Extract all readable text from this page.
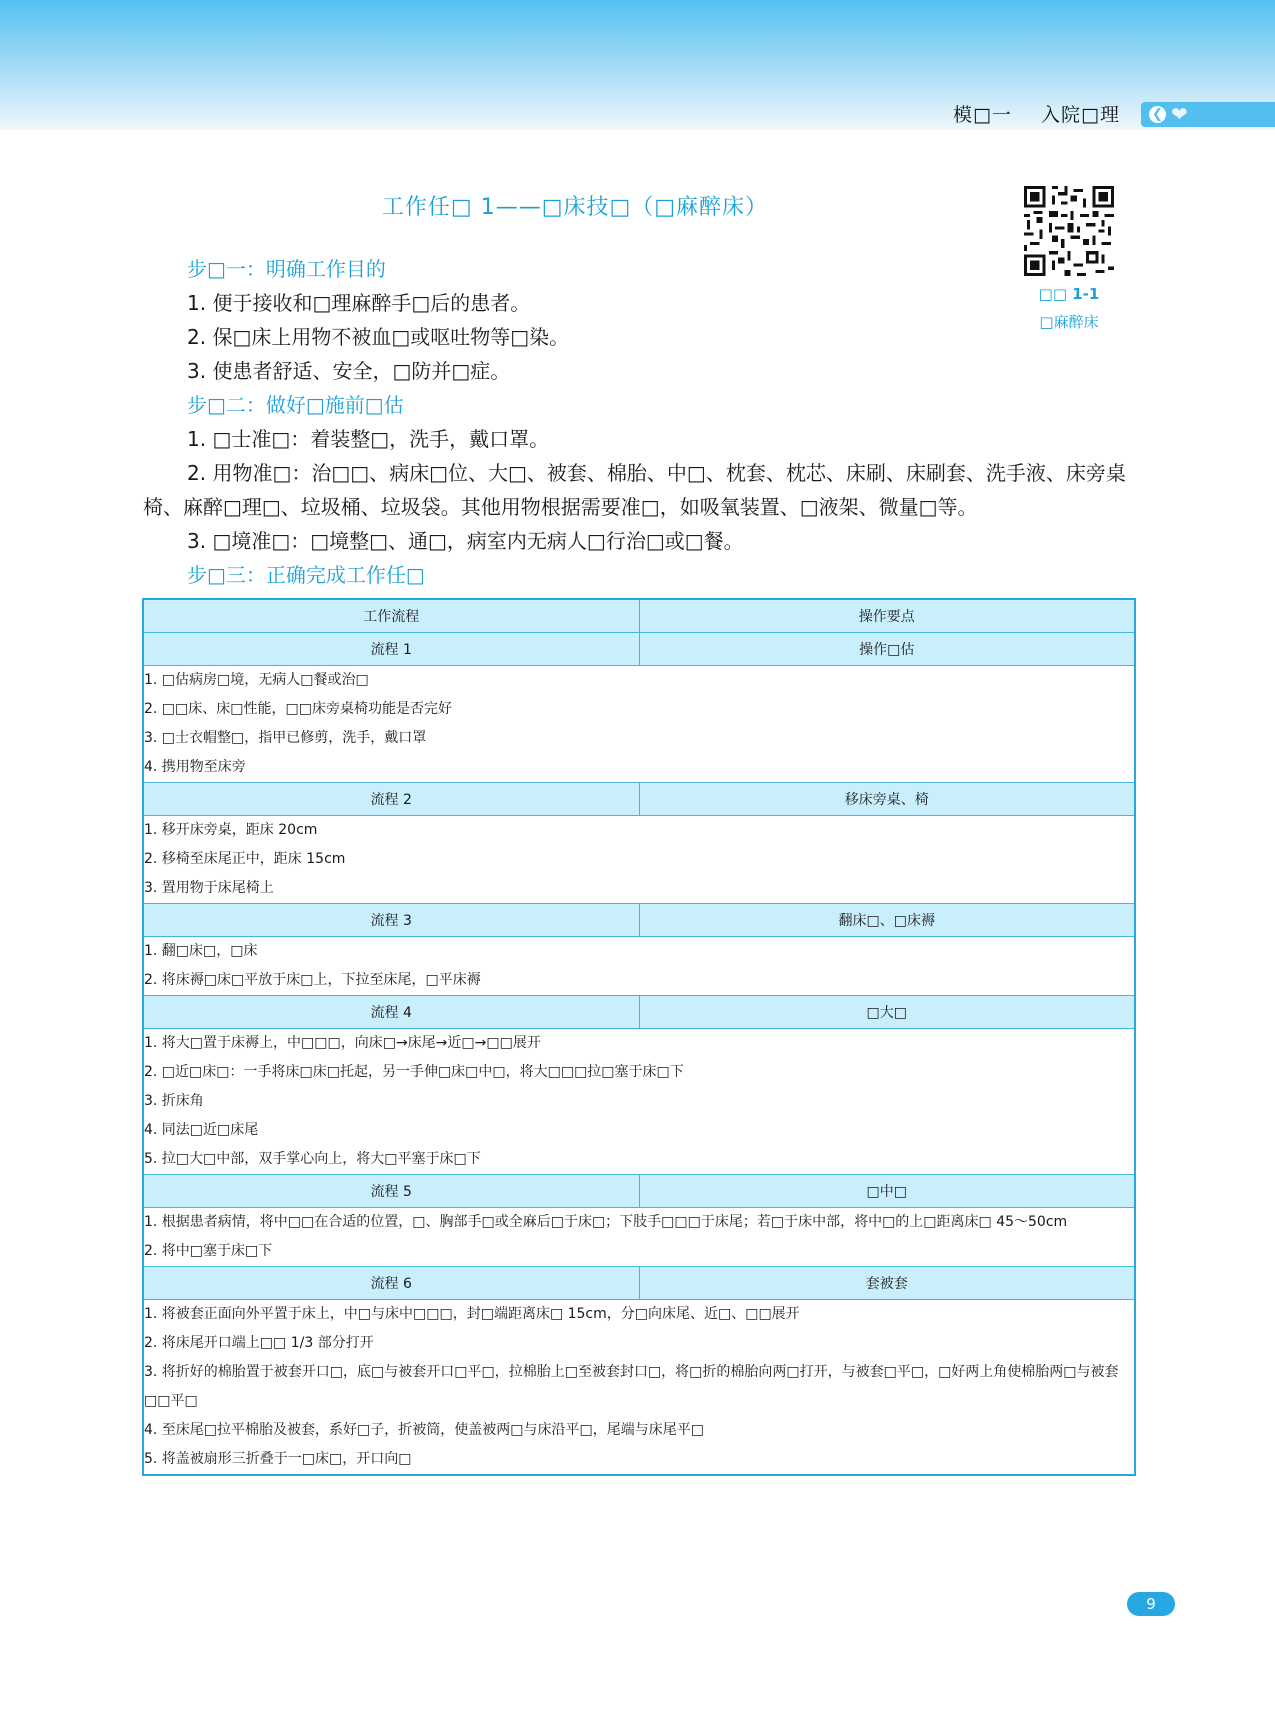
模□一 入院□理 ❮ ❤
工作任□ 1——□床技□（□麻醉床）
□□ 1-1
□麻醉床
步□一：明确工作目的
1. 便于接收和□理麻醉手□后的患者。
2. 保□床上用物不被血□或呕吐物等□染。
3. 使患者舒适、安全，□防并□症。
步□二：做好□施前□估
1. □士准□：着装整□，洗手，戴口罩。
2. 用物准□：治□□、病床□位、大□、被套、棉胎、中□、枕套、枕芯、床刷、床刷套、洗手液、床旁桌椅、麻醉□理□、垃圾桶、垃圾袋。其他用物根据需要准□，如吸氧装置、□液架、微量□等。
3. □境准□：□境整□、通□，病室内无病人□行治□或□餐。
步□三：正确完成工作任□
工作流程	操作要点
流程 1	操作□估

1. □估病房□境，无病人□餐或治□
2. □□床、床□性能，□□床旁桌椅功能是否完好
3. □士衣帽整□，指甲已修剪，洗手，戴口罩
4. 携用物至床旁	

流程 2	移床旁桌、椅

1. 移开床旁桌，距床 20cm
2. 移椅至床尾正中，距床 15cm
3. 置用物于床尾椅上	

流程 3	翻床□、□床褥

1. 翻□床□，□床
2. 将床褥□床□平放于床□上，下拉至床尾，□平床褥	

流程 4	□大□

1. 将大□置于床褥上，中□□□，向床□→床尾→近□→□□展开
2. □近□床□：一手将床□床□托起，另一手伸□床□中□，将大□□□拉□塞于床□下
3. 折床角
4. 同法□近□床尾
5. 拉□大□中部，双手掌心向上，将大□平塞于床□下	

流程 5	□中□

1. 根据患者病情，将中□□在合适的位置，□、胸部手□或全麻后□于床□；下肢手□□□于床尾；若□于床中部，将中□的上□距离床□ 45～50cm
2. 将中□塞于床□下	

流程 6	套被套

1. 将被套正面向外平置于床上，中□与床中□□□，封□端距离床□ 15cm，分□向床尾、近□、□□展开
2. 将床尾开口端上□□ 1/3 部分打开
3. 将折好的棉胎置于被套开口□，底□与被套开口□平□，拉棉胎上□至被套封口□，将□折的棉胎向两□打开，与被套□平□，□好两上角使棉胎两□与被套□□平□
4. 至床尾□拉平棉胎及被套，系好□子，折被筒，使盖被两□与床沿平□，尾端与床尾平□
5. 将盖被扇形三折叠于一□床□，开口向□	
9
